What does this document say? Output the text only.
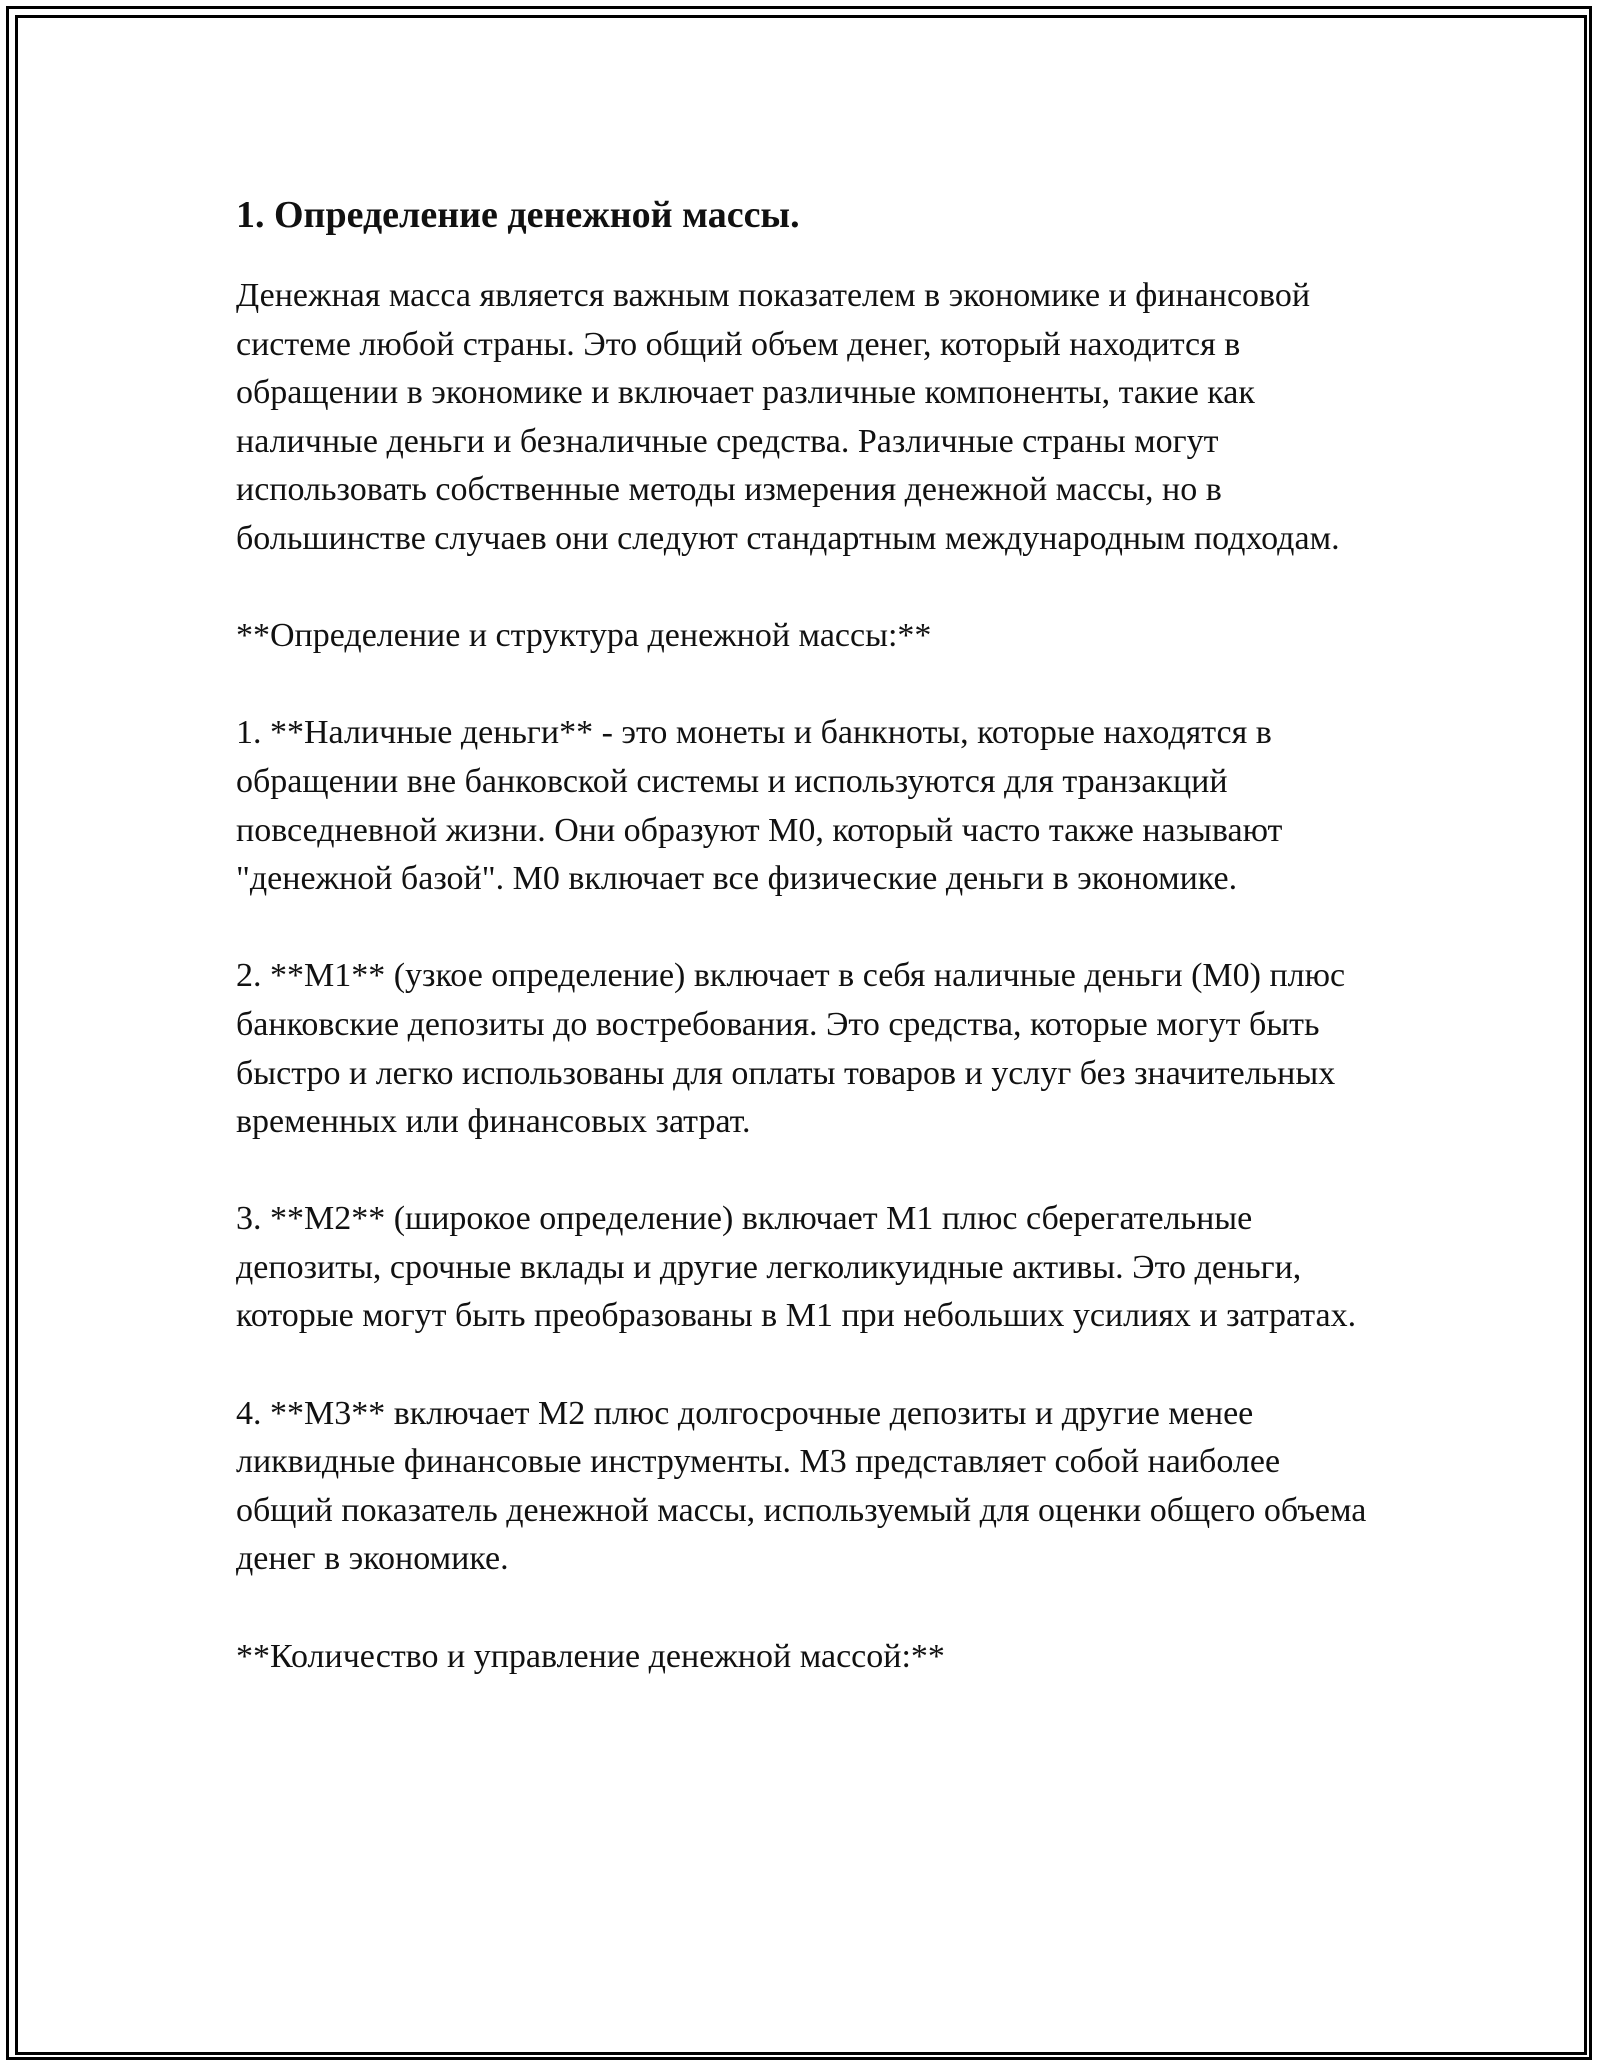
1. Определение денежной массы.

Денежная масса является важным показателем в экономике и финансовой системе любой страны. Это общий объем денег, который находится в обращении в экономике и включает различные компоненты, такие как наличные деньги и безналичные средства. Различные страны могут использовать собственные методы измерения денежной массы, но в большинстве случаев они следуют стандартным международным подходам.

**Определение и структура денежной массы:**

1. **Наличные деньги** - это монеты и банкноты, которые находятся в обращении вне банковской системы и используются для транзакций повседневной жизни. Они образуют М0, который часто также называют "денежной базой". М0 включает все физические деньги в экономике.

2. **М1** (узкое определение) включает в себя наличные деньги (М0) плюс банковские депозиты до востребования. Это средства, которые могут быть быстро и легко использованы для оплаты товаров и услуг без значительных временных или финансовых затрат.

3. **М2** (широкое определение) включает М1 плюс сберегательные депозиты, срочные вклады и другие легколикуидные активы. Это деньги, которые могут быть преобразованы в М1 при небольших усилиях и затратах.

4. **М3** включает М2 плюс долгосрочные депозиты и другие менее ликвидные финансовые инструменты. М3 представляет собой наиболее общий показатель денежной массы, используемый для оценки общего объема денег в экономике.

**Количество и управление денежной массой:**
